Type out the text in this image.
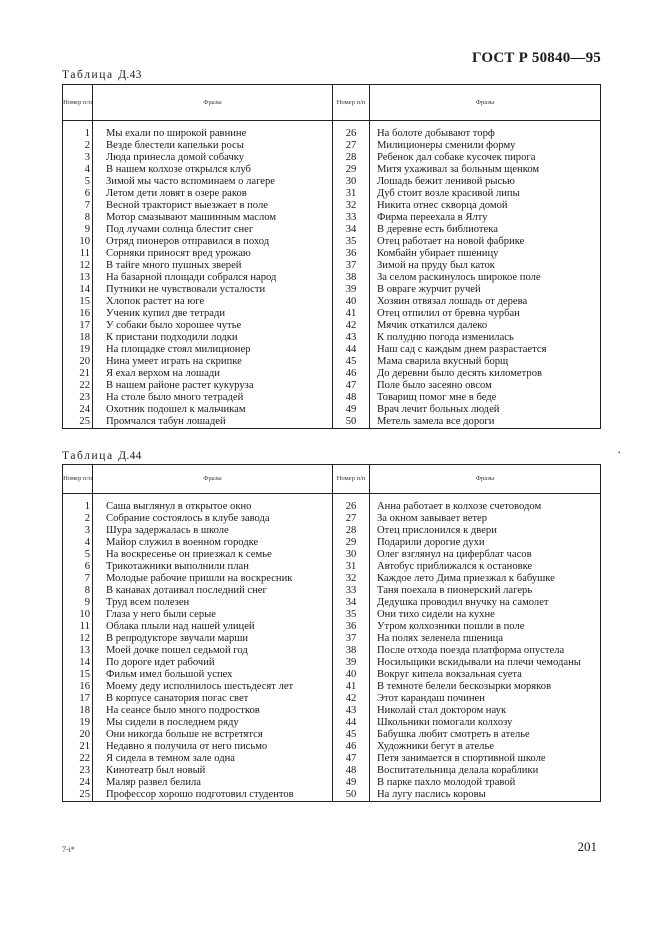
ГОСТ Р 50840—95
Таблица Д.43
Номер п/п	Фразы	Номер п/п	Фразы

1	Мы ехали по широкой равнине	26	На болоте добывают торф
2	Везде блестели капельки росы	27	Милиционеры сменили форму
3	Люда принесла домой собачку	28	Ребенок дал собаке кусочек пирога
4	В нашем колхозе открылся клуб	29	Митя ухаживал за больным щенком
5	Зимой мы часто вспоминаем о лагере	30	Лошадь бежит ленивой рысью
6	Летом дети ловят в озере раков	31	Дуб стоит возле красивой липы
7	Весной тракторист выезжает в поле	32	Никита отнес скворца домой
8	Мотор смазывают машинным маслом	33	Фирма переехала в Ялту
9	Под лучами солнца блестит снег	34	В деревне есть библиотека
10	Отряд пионеров отправился в поход	35	Отец работает на новой фабрике
11	Сорняки приносят вред урожаю	36	Комбайн убирает пшеницу
12	В тайге много пушных зверей	37	Зимой на пруду был каток
13	На базарной площади собрался народ	38	За селом раскинулось широкое поле
14	Путники не чувствовали усталости	39	В овраге журчит ручей
15	Хлопок растет на юге	40	Хозяин отвязал лошадь от дерева
16	Ученик купил две тетради	41	Отец отпилил от бревна чурбан
17	У собаки было хорошее чутье	42	Мячик откатился далеко
18	К пристани подходили лодки	43	К полудню погода изменилась
19	На площадке стоял милиционер	44	Наш сад с каждым днем разрастается
20	Нина умеет играть на скрипке	45	Мама сварила вкусный борщ
21	Я ехал верхом на лошади	46	До деревни было десять километров
22	В нашем районе растет кукуруза	47	Поле было засеяно овсом
23	На столе было много тетрадей	48	Товарищ помог мне в беде
24	Охотник подошел к мальчикам	49	Врач лечит больных людей
25	Промчался табун лошадей	50	Метель замела все дороги
•
Таблица Д.44
Номер п/п	Фразы	Номер п/п	Фразы

1	Саша выглянул в открытое окно	26	Анна работает в колхозе счетоводом
2	Собрание состоялось в клубе завода	27	За окном завывает ветер
3	Шура задержалась в школе	28	Отец прислонился к двери
4	Майор служил в военном городке	29	Подарили дорогие духи
5	На воскресенье он приезжал к семье	30	Олег взглянул на циферблат часов
6	Трикотажники выполнили план	31	Автобус приближался к остановке
7	Молодые рабочие пришли на воскресник	32	Каждое лето Дима приезжал к бабушке
8	В канавах дотаивал последний снег	33	Таня поехала в пионерский лагерь
9	Труд всем полезен	34	Дедушка проводил внучку на самолет
10	Глаза у него были серые	35	Они тихо сидели на кухне
11	Облака плыли над нашей улицей	36	Утром колхозники пошли в поле
12	В репродукторе звучали марши	37	На полях зеленела пшеница
13	Моей дочке пошел седьмой год	38	После отхода поезда платформа опустела
14	По дороге идет рабочий	39	Носильщики вскидывали на плечи чемоданы
15	Фильм имел большой успех	40	Вокруг кипела вокзальная суета
16	Моему деду исполнилось шестьдесят лет	41	В темноте белели бескозырки моряков
17	В корпусе санатория погас свет	42	Этот карандаш починен
18	На сеансе было много подростков	43	Николай стал доктором наук
19	Мы сидели в последнем ряду	44	Школьники помогали колхозу
20	Они никогда больше не встретятся	45	Бабушка любит смотреть в ателье
21	Недавно я получила от него письмо	46	Художники бегут в ателье
22	Я сидела в темном зале одна	47	Петя занимается в спортивной школе
23	Кинотеатр был новый	48	Воспитательница делала кораблики
24	Маляр развел белила	49	В парке пахло молодой травой
25	Профессор хорошо подготовил студентов	50	На лугу паслись коровы
7-i*	201
